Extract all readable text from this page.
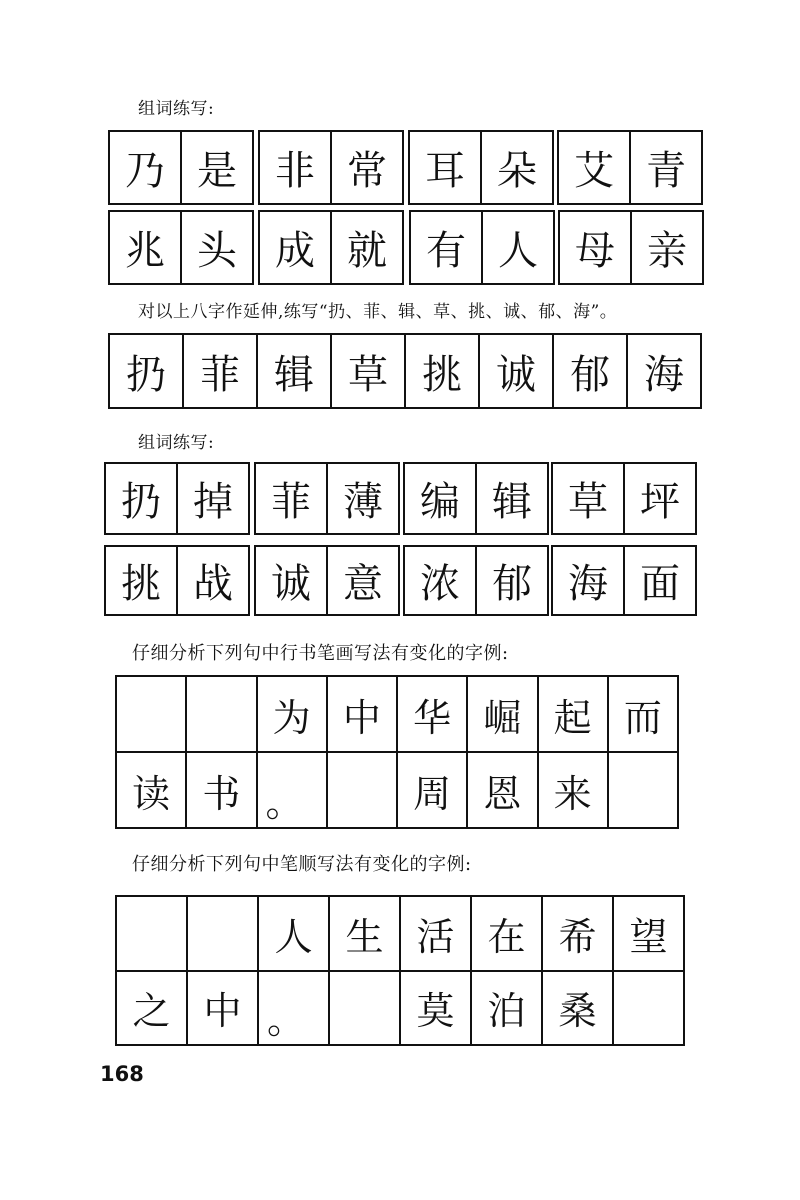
组词练写:
乃 是 非 常 耳 朵 艾 青
兆 头 成 就 有 人 母 亲
对以上八字作延伸,练写“扔、菲、辑、草、挑、诚、郁、海”。
扔 菲 辑 草 挑 诚 郁 海
组词练写:
扔 掉 菲 薄 编 辑 草 坪
挑 战 诚 意 浓 郁 海 面
仔细分析下列句中行书笔画写法有变化的字例:
		为	中	华	崛	起	而
读	书	。		周	恩	来	
仔细分析下列句中笔顺写法有变化的字例:
		人	生	活	在	希	望
之	中	。		莫	泊	桑	
168
